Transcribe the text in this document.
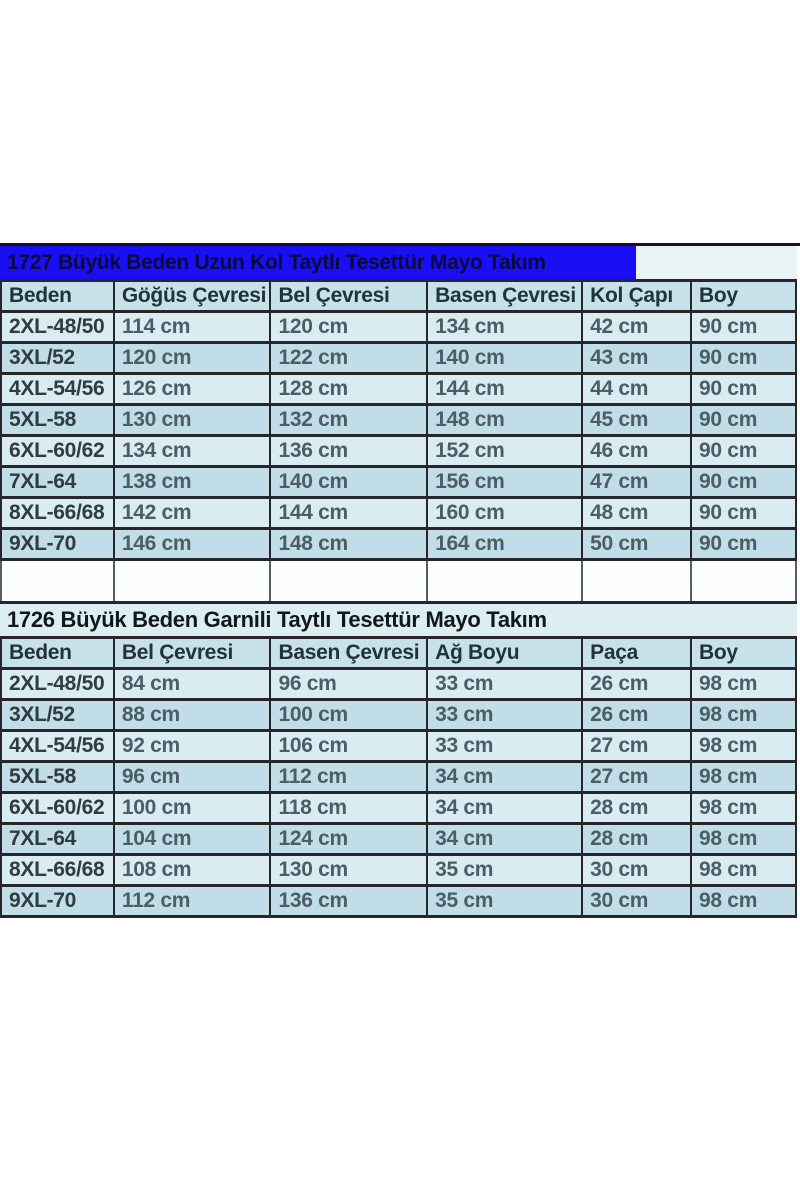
1727 Büyük Beden Uzun Kol Taytlı Tesettür Mayo Takım
Beden	Göğüs Çevresi	Bel Çevresi	Basen Çevresi	Kol Çapı	Boy
2XL-48/50	114 cm	120 cm	134 cm	42 cm	90 cm
3XL/52	120 cm	122 cm	140 cm	43 cm	90 cm
4XL-54/56	126 cm	128 cm	144 cm	44 cm	90 cm
5XL-58	130 cm	132 cm	148 cm	45 cm	90 cm
6XL-60/62	134 cm	136 cm	152 cm	46 cm	90 cm
7XL-64	138 cm	140 cm	156 cm	47 cm	90 cm
8XL-66/68	142 cm	144 cm	160 cm	48 cm	90 cm
9XL-70	146 cm	148 cm	164 cm	50 cm	90 cm
1726 Büyük Beden Garnili Taytlı Tesettür Mayo Takım
Beden	Bel Çevresi	Basen Çevresi	Ağ Boyu	Paça	Boy
2XL-48/50	84 cm	96 cm	33 cm	26 cm	98 cm
3XL/52	88 cm	100 cm	33 cm	26 cm	98 cm
4XL-54/56	92 cm	106 cm	33 cm	27 cm	98 cm
5XL-58	96 cm	112 cm	34 cm	27 cm	98 cm
6XL-60/62	100 cm	118 cm	34 cm	28 cm	98 cm
7XL-64	104 cm	124 cm	34 cm	28 cm	98 cm
8XL-66/68	108 cm	130 cm	35 cm	30 cm	98 cm
9XL-70	112 cm	136 cm	35 cm	30 cm	98 cm
